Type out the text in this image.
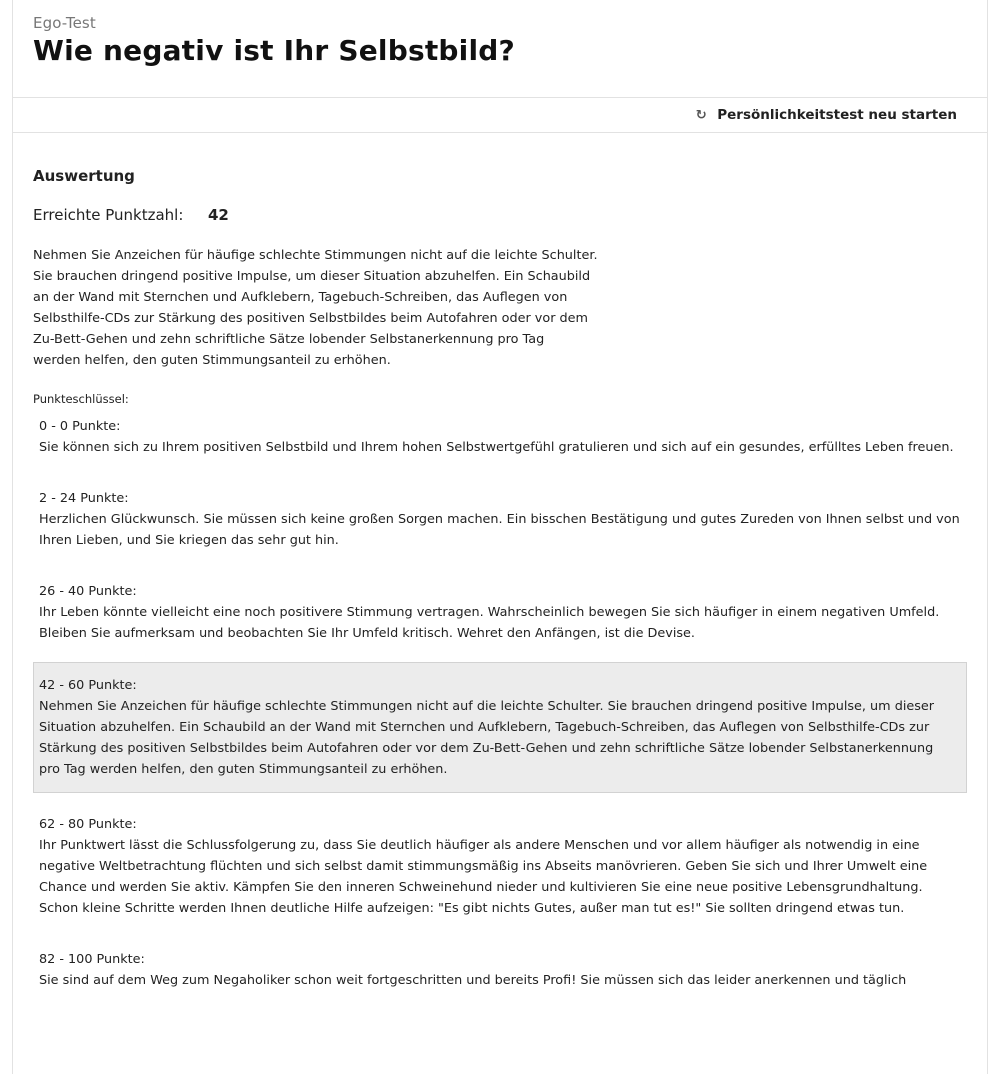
Ego-Test
Wie negativ ist Ihr Selbstbild?
↻ Persönlichkeitstest neu starten
Auswertung
Erreichte Punktzahl:	42
Nehmen Sie Anzeichen für häufige schlechte Stimmungen nicht auf die leichte Schulter.
Sie brauchen dringend positive Impulse, um dieser Situation abzuhelfen. Ein Schaubild
an der Wand mit Sternchen und Aufklebern, Tagebuch-Schreiben, das Auflegen von
Selbsthilfe-CDs zur Stärkung des positiven Selbstbildes beim Autofahren oder vor dem
Zu-Bett-Gehen und zehn schriftliche Sätze lobender Selbstanerkennung pro Tag
werden helfen, den guten Stimmungsanteil zu erhöhen.
Punkteschlüssel:
0 - 0 Punkte:
Sie können sich zu Ihrem positiven Selbstbild und Ihrem hohen Selbstwertgefühl gratulieren und sich auf ein gesundes, erfülltes Leben freuen.
2 - 24 Punkte:
Herzlichen Glückwunsch. Sie müssen sich keine großen Sorgen machen. Ein bisschen Bestätigung und gutes Zureden von Ihnen selbst und von Ihren Lieben, und Sie kriegen das sehr gut hin.
26 - 40 Punkte:
Ihr Leben könnte vielleicht eine noch positivere Stimmung vertragen. Wahrscheinlich bewegen Sie sich häufiger in einem negativen Umfeld. Bleiben Sie aufmerksam und beobachten Sie Ihr Umfeld kritisch. Wehret den Anfängen, ist die Devise.
42 - 60 Punkte:
Nehmen Sie Anzeichen für häufige schlechte Stimmungen nicht auf die leichte Schulter. Sie brauchen dringend positive Impulse, um dieser Situation abzuhelfen. Ein Schaubild an der Wand mit Sternchen und Aufklebern, Tagebuch-Schreiben, das Auflegen von Selbsthilfe-CDs zur Stärkung des positiven Selbstbildes beim Autofahren oder vor dem Zu-Bett-Gehen und zehn schriftliche Sätze lobender Selbstanerkennung pro Tag werden helfen, den guten Stimmungsanteil zu erhöhen.
62 - 80 Punkte:
Ihr Punktwert lässt die Schlussfolgerung zu, dass Sie deutlich häufiger als andere Menschen und vor allem häufiger als notwendig in eine negative Weltbetrachtung flüchten und sich selbst damit stimmungsmäßig ins Abseits manövrieren. Geben Sie sich und Ihrer Umwelt eine Chance und werden Sie aktiv. Kämpfen Sie den inneren Schweinehund nieder und kultivieren Sie eine neue positive Lebensgrundhaltung. Schon kleine Schritte werden Ihnen deutliche Hilfe aufzeigen: "Es gibt nichts Gutes, außer man tut es!" Sie sollten dringend etwas tun.
82 - 100 Punkte:
Sie sind auf dem Weg zum Negaholiker schon weit fortgeschritten und bereits Profi! Sie müssen sich das leider anerkennen und täglich
